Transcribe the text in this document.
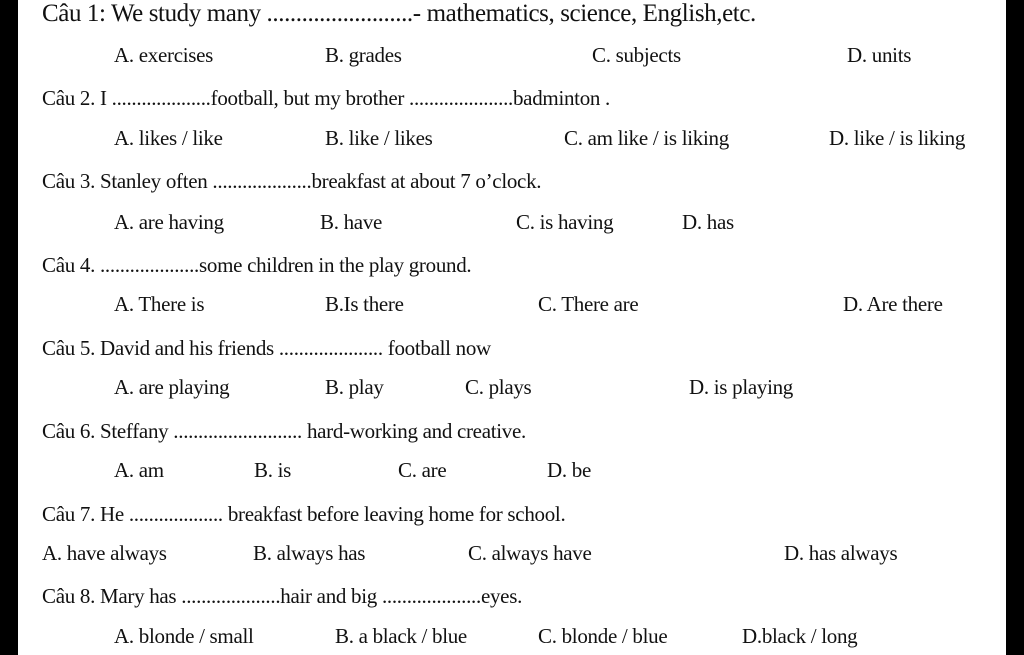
Câu 1: We study many .........................- mathematics, science, English,etc.
A. exercises	B. grades	C. subjects	D. units
Câu 2. I ....................football, but my brother .....................badminton .
A. likes / like	B. like / likes	C. am like / is liking	D. like / is liking
Câu 3. Stanley often ....................breakfast at about 7 o’clock.
A. are having	B. have	C. is having	D. has
Câu 4. ....................some children in the play ground.
A. There is	B.Is there	C. There are	D. Are there
Câu 5. David and his friends ..................... football now
A. are playing	B. play	C. plays	D. is playing
Câu 6. Steffany .......................... hard-working and creative.
A. am	B. is	C. are	D. be
Câu 7. He ................... breakfast before leaving home for school.
A. have always	B. always has	C. always have	D. has always
Câu 8. Mary has ....................hair and big ....................eyes.
A. blonde / small	B. a black / blue	C. blonde / blue	D.black / long
